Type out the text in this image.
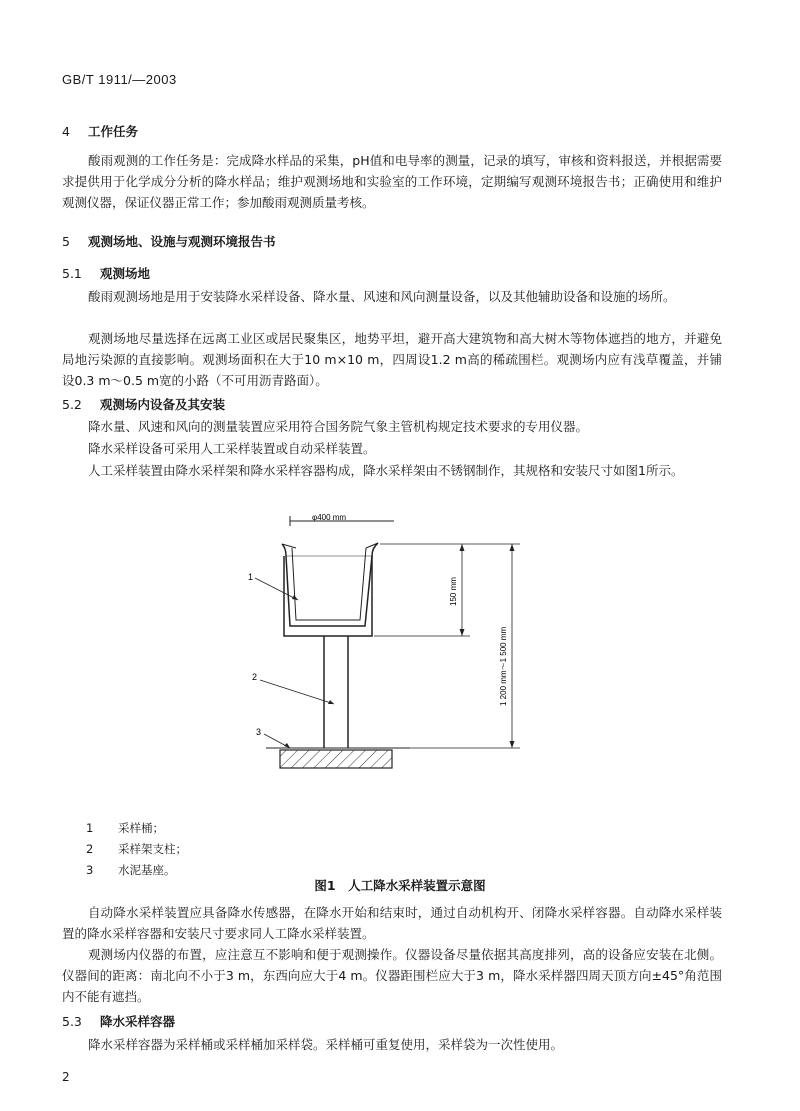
GB/T 1911/—2003
4 工作任务

酸雨观测的工作任务是：完成降水样品的采集，pH值和电导率的测量，记录的填写，审核和资料报送，并根据需要求提供用于化学成分分析的降水样品；维护观测场地和实验室的工作环境，定期编写观测环境报告书；正确使用和维护观测仪器，保证仪器正常工作；参加酸雨观测质量考核。

5 观测场地、设施与观测环境报告书
5.1 观测场地

酸雨观测场地是用于安装降水采样设备、降水量、风速和风向测量设备，以及其他辅助设备和设施的场所。

观测场地尽量选择在远离工业区或居民聚集区，地势平坦，避开高大建筑物和高大树木等物体遮挡的地方，并避免局地污染源的直接影响。观测场面积在大于10 m×10 m，四周设1.2 m高的稀疏围栏。观测场内应有浅草覆盖，并铺设0.3 m～0.5 m宽的小路（不可用沥青路面）。

5.2 观测场内设备及其安装

降水量、风速和风向的测量装置应采用符合国务院气象主管机构规定技术要求的专用仪器。

降水采样设备可采用人工采样装置或自动采样装置。

人工采样装置由降水采样架和降水采样容器构成，降水采样架由不锈钢制作，其规格和安装尺寸如图1所示。

φ400 mm
1
2
3
150 mm
1 200 mm～1 500 mm
1	采样桶；
2	采样架支柱；
3	水泥基座。
图1　人工降水采样装置示意图

自动降水采样装置应具备降水传感器，在降水开始和结束时，通过自动机构开、闭降水采样容器。自动降水采样装置的降水采样容器和安装尺寸要求同人工降水采样装置。

观测场内仪器的布置，应注意互不影响和便于观测操作。仪器设备尽量依据其高度排列，高的设备应安装在北侧。仪器间的距离：南北向不小于3 m，东西向应大于4 m。仪器距围栏应大于3 m，降水采样器四周天顶方向±45°角范围内不能有遮挡。

5.3 降水采样容器

降水采样容器为采样桶或采样桶加采样袋。采样桶可重复使用，采样袋为一次性使用。

2
